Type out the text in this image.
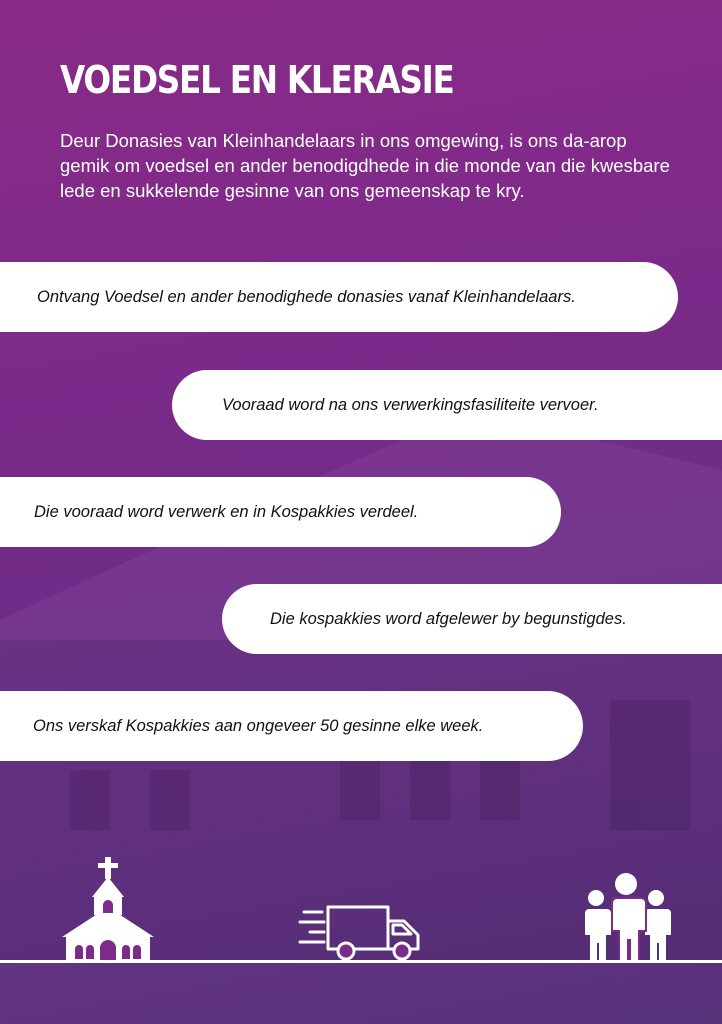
VOEDSEL EN KLERASIE

Deur Donasies van Kleinhandelaars in ons omgewing, is ons da-arop gemik om voedsel en ander benodigdhede in die monde van die kwesbare lede en sukkelende gesinne van ons gemeenskap te kry.

Ontvang Voedsel en ander benodighede donasies vanaf Kleinhandelaars.
Vooraad word na ons verwerkingsfasiliteite vervoer.
Die vooraad word verwerk en in Kospakkies verdeel.
Die kospakkies word afgelewer by begunstigdes.
Ons verskaf Kospakkies aan ongeveer 50 gesinne elke week.
